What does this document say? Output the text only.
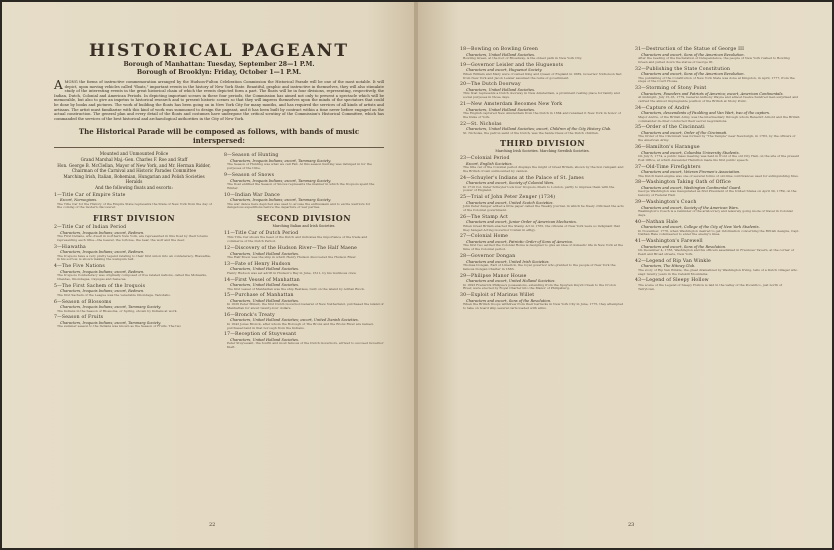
HISTORICAL PAGEANT
Borough of Manhattan: Tuesday, September 28—1 P.M.
Borough of Brooklyn: Friday, October 1—1 P.M.
A MONG the forms of instructive commemoration arranged by the Hudson-Fulton Celebration Commission the Historical Parade will be one of the most notable. It will depict, upon moving vehicles called "floats," important events in the history of New York State. Beautiful, graphic and instructive in themselves, they will also stimulate study of the interesting events in the great historical chain of which the events depicted form a part. The floats will be in four divisions, representing, respectively, the Indian, Dutch, Colonial and American Periods. In depicting important scenes in these four periods, the Commission has aimed not only to present a spectacle which will be memorable, but also to give an impetus to historical research and to present historic scenes so that they will impress themselves upon the minds of the spectators that could be done by books and pictures. The work of building the floats has been going on in New York City for many months, and has required the services of all kinds of artists and artisans. The artist must familiarize with this kind of work was summoned to design the pageant, and it has been built by contract within a time never before engaged on the actual construction. The general plan and every detail of the floats and costumes have undergone the critical scrutiny of the Commission's Historical Committee, which has commanded the services of the best historical and archaeological authorities in the City of New York.
The Historical Parade will be composed as follows, with bands of music interspersed:
Mounted and Unmounted Police
Grand Marshal Maj.-Gen. Charles F. Roe and Staff
Hon. George B. McClellan, Mayor of New York, and Mr. Herman Ridder, Chairman of the Carnival and Historic Parades Committee
Marching Irish, Italian, Bohemian, Hungarian and Polish Societies
Heralds
And the following floats and escorts:
1—Title Car of Empire State
Escort, Norwegians.
The Title Car for the History of the Empire State represents the State of New York from the day of the coming of the modern discoverer.
FIRST DIVISION
2—Title Car of Indian Period
Characters, Iroquois Indians; escort, Redmen.
The First Indians, who dwelt in northern New York, are represented in this float by their totems representing each tribe—the beaver, the tortoise, the bear, the wolf and the deer.
3—Hiawatha
Characters, Iroquois Indians; escort, Redmen.
The Iroquois have a very pretty legend relating to their first union into an confederacy. Hiawatha, in his sorrow, is shown making the wampum belt.
4—The Five Nations
Characters, Iroquois Indians; escort, Redmen.
The Iroquois Confederacy was originally composed of five related nations, called the Mohawks, Oneidas, Onondagas, Cayugas and Senecas.
5—The First Sachem of the Iroquois
Characters, Iroquois Indians; escort, Redmen.
The first Sachem of the League was the venerable Onondaga, Tadodaho.
6—Season of Blossoms
Characters, Iroquois Indians; escort, Tammany Society.
The Indians in the Season of Blossoms, or Spring, shown by Indians at work.
7—Season of Fruits
Characters, Iroquois Indians; escort, Tammany Society.
The summer season to the Indians was known as the Season of Fruits. The two
8—Season of Hunting
Characters, Iroquois Indians; escort, Tammany Society.
The Season of Hunting was what we call Fall. At this season hunting was indulged in for the purposes of the tribe.
9—Season of Snows
Characters, Iroquois Indians; escort, Tammany Society.
The float entitled the Season of Snows represents the manner in which the Iroquois spent the Winter.
10—Indian War Dance
Characters, Iroquois Indians; escort, Tammany Society.
The war dance here depicted was used to arouse the enthusiasm and to excite warriors for dangerous expeditions before the departure of war parties.
SECOND DIVISION
Marching Italian and Irish Societies.
11—Title Car of Dutch Period
This Title Car shows the head of the Dutch and indicates the importance of the trade and commerce of the Dutch Period.
12—Discovery of the Hudson River—The Half Maene
Characters, United Holland Societies.
The Half Moon was the ship in which Henry Hudson discovered the Hudson River.
13—Fate of Henry Hudson
Characters, United Holland Societies.
Henry Hudson was set adrift in Hudson's Bay in June, 1611, by his mutinous crew.
14—First Vessel of Manhattan
Characters, United Holland Societies.
The first vessel of Manhattan was the ship Restless, built on the island by Adrian Block.
15—Purchase of Manhattan
Characters, United Holland Societies.
In 1626 Peter Minuit, the first Dutch Governor-General of New Netherland, purchased the island of Manhattan for about twenty-four dollars.
16—Bronck's Treaty
Characters, United Holland Societies; escort, United Danish Societies.
In 1642 Jonas Bronck, after whom the Borough of The Bronx and the Bronx River are named, purchased land in that borough from the Indians.
17—Reception of Stuyvesant
Characters, United Holland Societies.
Peter Stuyvesant, the fourth and most famous of the Dutch Governors, arrived to succeed Governor Kieft.
22
18—Bowling on Bowling Green
Characters, United Holland Societies.
Bowling Green, at the foot of Broadway, is the oldest park in New York City.
19—Governor Leisler and the Huguenots
Characters and escort, Huguenot Society.
When William and Mary were crowned King and Queen of England in 1689, Governor Nicholson fled from New York and Jacob Leisler assumed the reins of government.
20—The Dutch Doorway
Characters, United Holland Societies.
This float represents a Dutch doorway in New Amsterdam, a prominent resting place for family and social purposes in those days.
21—New Amsterdam Becomes New York
Characters, United Holland Societies.
The English captured New Amsterdam from the Dutch in 1664 and renamed it New York in honor of the Duke of York.
22—St. Nicholas
Characters, United Holland Societies; escort, Children of the City History Club.
St. Nicholas, the patron saint of the Dutch, was the Santa Claus of the Dutch children.
THIRD DIVISION
Marching Irish Societies. Marching Swedish Societies.
23—Colonial Period
Escort, English Societies.
The title car of the Colonial period displays the might of Great Britain, shown by the lion rampant and the British crown surmounted by cannon.
24—Schuyler's Indians at the Palace of St. James
Characters and escort, Society of Colonial Wars.
In 1710 Col. Peter Schuyler took four Iroquois chiefs to London, partly to impress them with the power of England.
25—Trial of John Peter Zenger (1734)
Characters and escort, United Scotch Societies.
John Peter Zenger edited a little paper called the Weekly Journal, in which he freely criticised the acts of the Colonial government.
26—The Stamp Act
Characters and escort, Junior Order of American Mechanics.
When Great Britain enacted the Stamp Act in 1765, the citizens of New York were so indignant that they hanged Acting Governor Colden in effigy.
27—Colonial Home
Characters and escort, Patriotic Order of Sons of America.
The first two settled the Colonial Home is designed to give an idea of domestic life in New York at the time of the Colonial period.
28—Governor Dongan
Characters and escort, United Irish Societies.
Thomas Dongan, Earl of Limerick, the royal governor who granted to the people of New York the famous Dongan Charter in 1683.
29—Philipse Manor House
Characters and escort, United Holland Societies.
In 1693 Frederick Philipse's possessions, extending from the Spuyten Duyvil Creek to the Croton River, were erected by Royal Charter into the Manor of Philipsburg.
30—Exploit of Marinus Willet
Characters and escort, Sons of the Revolution.
When the British troops withdrew from their barracks in New York City in June, 1775, they attempted to take on board ship several carts loaded with arms.
31—Destruction of the Statue of George III
Characters and escort, Sons of the American Revolution.
After the reading of the Declaration of Independence, the people of New York rushed to Bowling Green and pulled down the statue of George III.
32—Publishing the State Constitution
Characters and escort, Sons of the American Revolution.
The publishing of the Constitution of New York State was done at Kingston, in April, 1777, from the steps of the Court House.
33—Storming of Stony Point
Characters, Founders and Patriots of America; escort, American Continentals.
At midnight, July 15-16, 1779, General Anthony Wayne and almost twelve hundred men surprised and carried the almost impregnable position of the British at Stony Point.
34—Capture of André
Characters, descendants of Paulding and Van Wart, two of the captors.
Major André, of the British Army, was the intermediary through whom Benedict Arnold and the British commander-in-chief conducted their secret negotiations.
35—Order of the Cincinnati
Characters and escort, Order of the Cincinnati.
The Order of the Cincinnati was formed by "The Temple" near Newburgh, in 1783, by the officers of the American Army.
36—Hamilton's Harangue
Characters and escort, Columbia University Students.
On July 6, 1774, a public mass meeting was held in front of the old City Hall, on the site of the present Post Office, at which Alexander Hamilton made his first public speech.
37—Old-Time Firefighters
Characters and escort, Veteran Firemen's Association.
The Dutch hand-engine was one of several forms of old-time contrivances used for extinguishing fires.
38—Washington Taking Oath of Office
Characters and escort, Washington Continental Guard.
George Washington was inaugurated as first President of the United States on April 30, 1789, on the balcony of Federal Hall.
39—Washington's Coach
Characters and escort, Society of the American Wars.
Washington's Coach is a reminder of the aristocracy and leisurely going mode of travel in Colonial days.
40—Nathan Hale
Characters and escort, College of the City of New York Students.
In November, 1776, when Washington desired to get information concerning the British designs, Capt. Nathan Hale volunteered to enter the enemy's lines.
41—Washington's Farewell
Characters and escort, Sons of the Revolution.
On December 4, 1783, Washington and his officers assembled in Fraunces' Tavern, at the corner of Pearl and Broad streets, New York.
42—Legend of Rip Van Winkle
Characters, The Hitowy Club.
The story of Rip Van Winkle, the great dramatized by Washington Irving, tells of a Dutch villager who slept twenty years in the Catskill Mountains.
43—Legend of Sleepy Hollow
The scene of the Legend of Sleepy Hollow is laid in the valley of the Pocantico, just north of Tarrytown.
23
